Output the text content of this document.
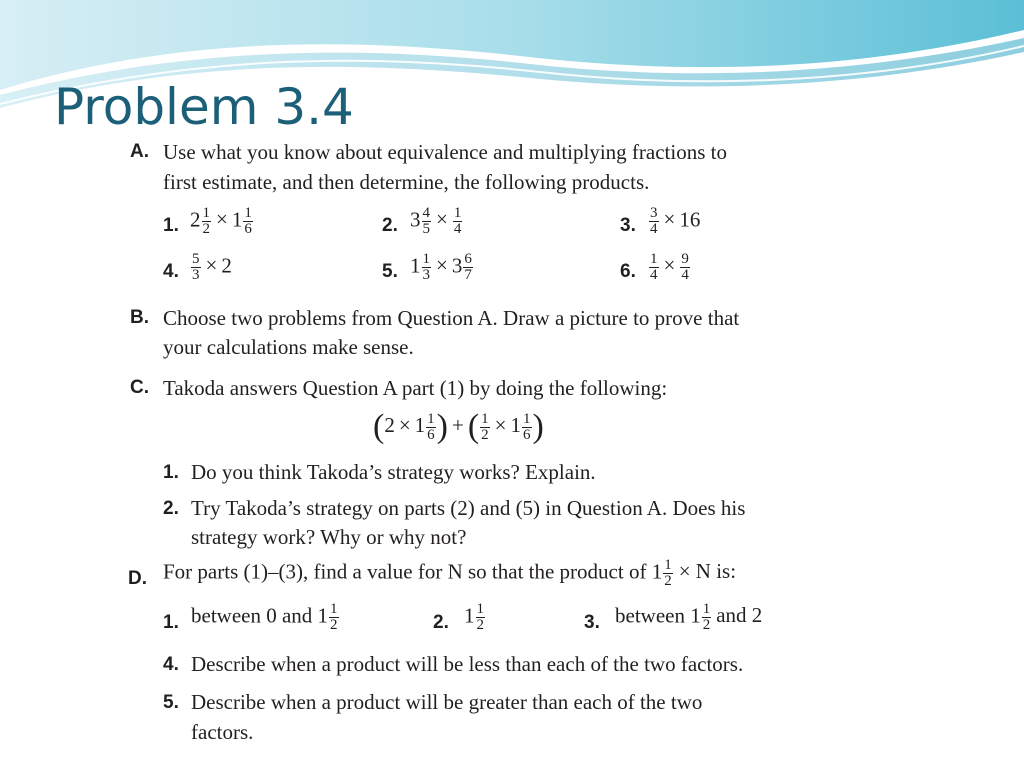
Problem 3.4
A. Use what you know about equivalence and multiplying fractions to
first estimate, and then determine, the following products.
1. $2 \frac{1}{2} \times 1 \frac{1}{6}$	2. $3 \frac{4}{5} \times \frac{1}{4}$	3. $\frac{3}{4} \times 16$
4. $\frac{5}{3} \times 2$	5. $1 \frac{1}{3} \times 3 \frac{6}{7}$	6. $\frac{1}{4} \times \frac{9}{4}$
B. Choose two problems from Question A. Draw a picture to prove that
your calculations make sense.
C. Takoda answers Question A part (1) by doing the following:
($2 \times 1 \frac{1}{6}$ ) + ( $\frac{1}{2} \times 1 \frac{1}{6}$ )
1. Do you think Takoda’s strategy works? Explain.
2. Try Takoda’s strategy on parts (2) and (5) in Question A. Does his
strategy work? Why or why not?
D. For parts (1)–(3), find a value for N so that the product of $1 \frac{1}{2} \times N$ is:
1. between 0 and $1 \frac{1}{2}$	2. $1 \frac{1}{2}$	3. between $1 \frac{1}{2}$ and 2
4. Describe when a product will be less than each of the two factors.
5. Describe when a product will be greater than each of the two
factors.
